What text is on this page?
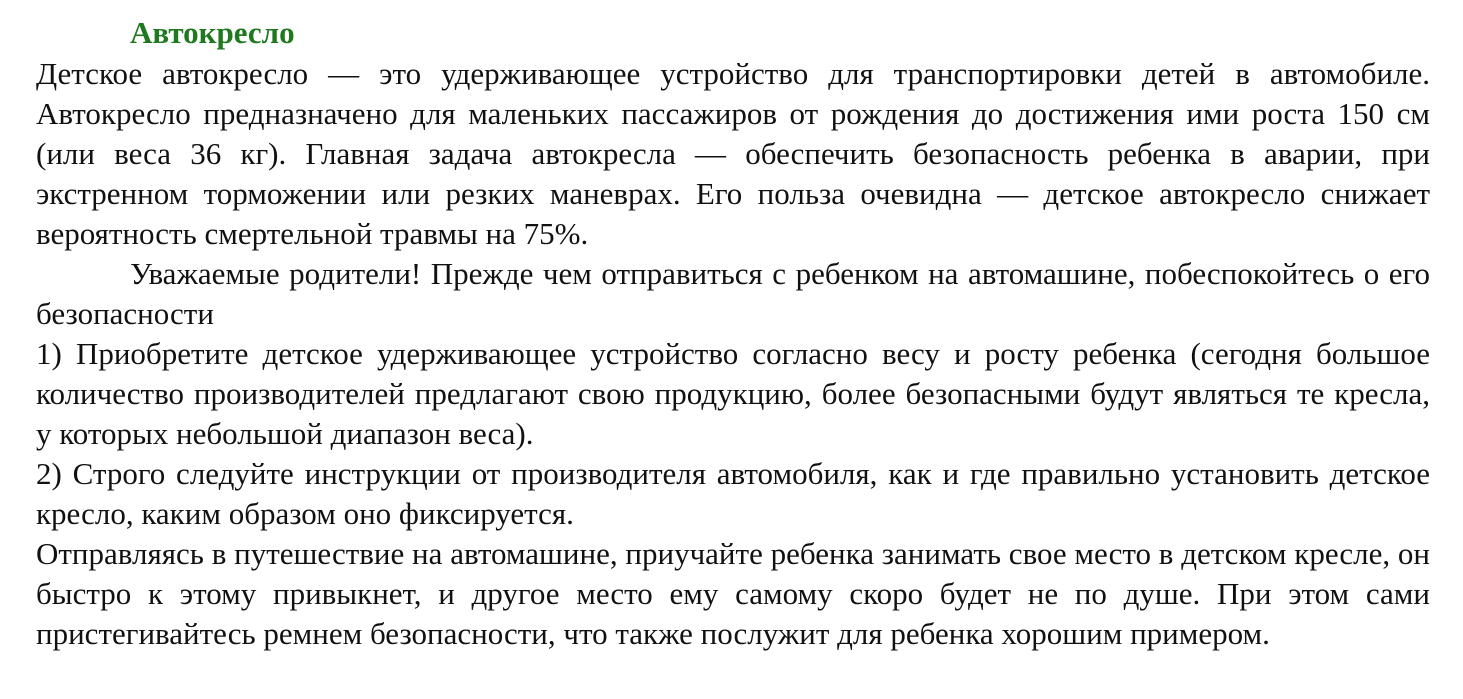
Автокресло

Детское автокресло — это удерживающее устройство для транспортировки детей в автомобиле. Автокресло предназначено для маленьких пассажиров от рождения до достижения ими роста 150 см (или веса 36 кг). Главная задача автокресла — обеспечить безопасность ребенка в аварии, при экстренном торможении или резких маневрах. Его польза очевидна — детское автокресло снижает вероятность смертельной травмы на 75%.

Уважаемые родители! Прежде чем отправиться с ребенком на автомашине, побеспокойтесь о его безопасности

1) Приобретите детское удерживающее устройство согласно весу и росту ребенка (сегодня большое количество производителей предлагают свою продукцию, более безопасными будут являться те кресла, у которых небольшой диапазон веса).

2) Строго следуйте инструкции от производителя автомобиля, как и где правильно установить детское кресло, каким образом оно фиксируется.

Отправляясь в путешествие на автомашине, приучайте ребенка занимать свое место в детском кресле, он быстро к этому привыкнет, и другое место ему самому скоро будет не по душе. При этом сами пристегивайтесь ремнем безопасности, что также послужит для ребенка хорошим примером.
